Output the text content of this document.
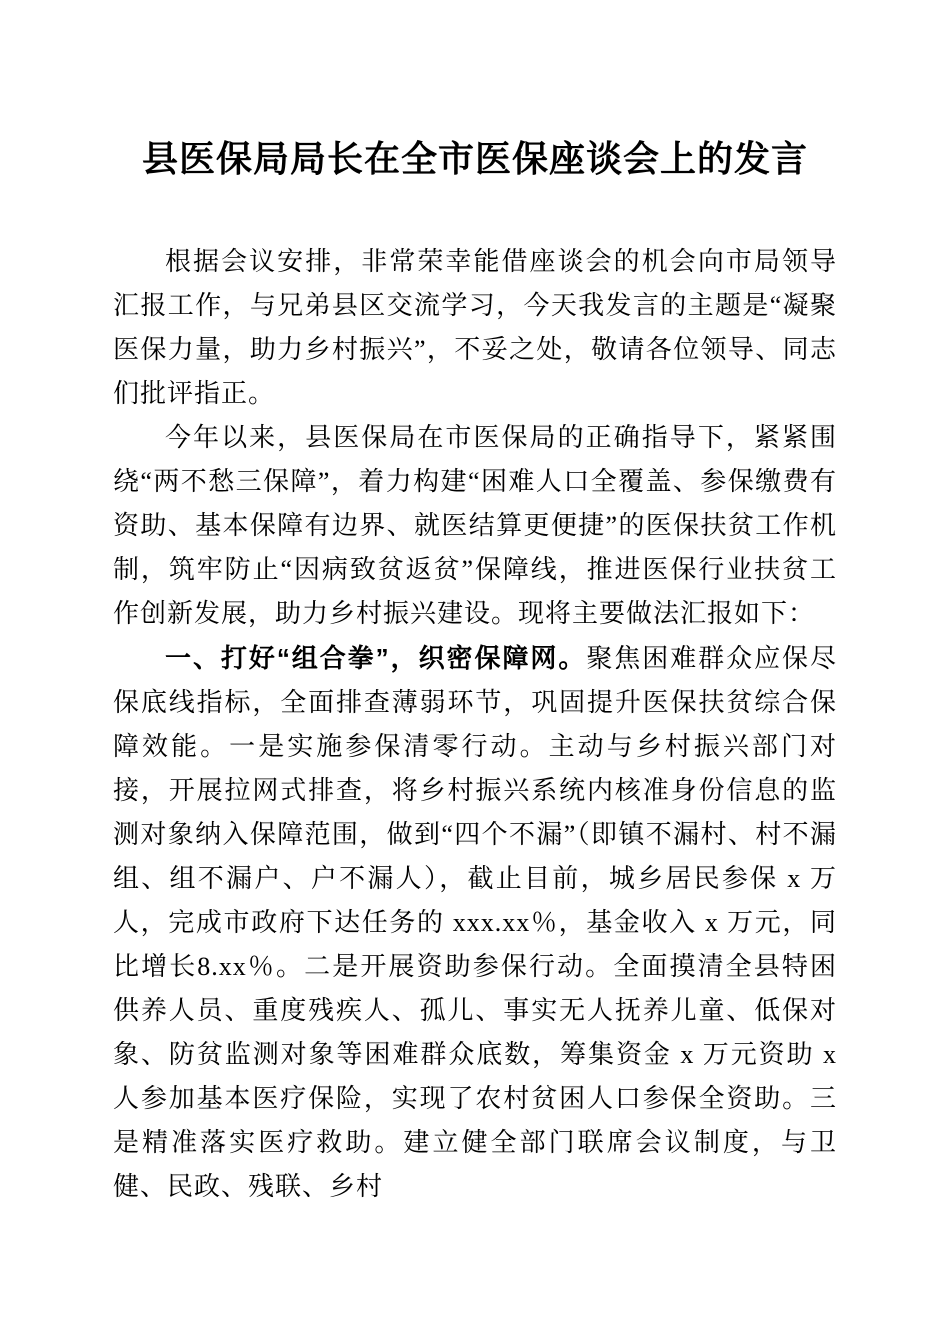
县医保局局长在全市医保座谈会上的发言

根据会议安排，非常荣幸能借座谈会的机会向市局领导汇报工作，与兄弟县区交流学习，今天我发言的主题是“凝聚医保力量，助力乡村振兴”，不妥之处，敬请各位领导、同志们批评指正。

今年以来，县医保局在市医保局的正确指导下，紧紧围绕“两不愁三保障”，着力构建“困难人口全覆盖、参保缴费有资助、基本保障有边界、就医结算更便捷”的医保扶贫工作机制，筑牢防止“因病致贫返贫”保障线，推进医保行业扶贫工作创新发展，助力乡村振兴建设。现将主要做法汇报如下：

一、打好“组合拳”，织密保障网。聚焦困难群众应保尽保底线指标，全面排查薄弱环节，巩固提升医保扶贫综合保障效能。一是实施参保清零行动。主动与乡村振兴部门对接，开展拉网式排查，将乡村振兴系统内核准身份信息的监测对象纳入保障范围，做到“四个不漏”（即镇不漏村、村不漏组、组不漏户、户不漏人），截止目前，城乡居民参保 x 万人，完成市政府下达任务的 xxx.xx％，基金收入 x 万元，同比增长8.xx％。二是开展资助参保行动。全面摸清全县特困供养人员、重度残疾人、孤儿、事实无人抚养儿童、低保对象、防贫监测对象等困难群众底数，筹集资金 x 万元资助 x 人参加基本医疗保险，实现了农村贫困人口参保全资助。三是精准落实医疗救助。建立健全部门联席会议制度，与卫健、民政、残联、乡村
